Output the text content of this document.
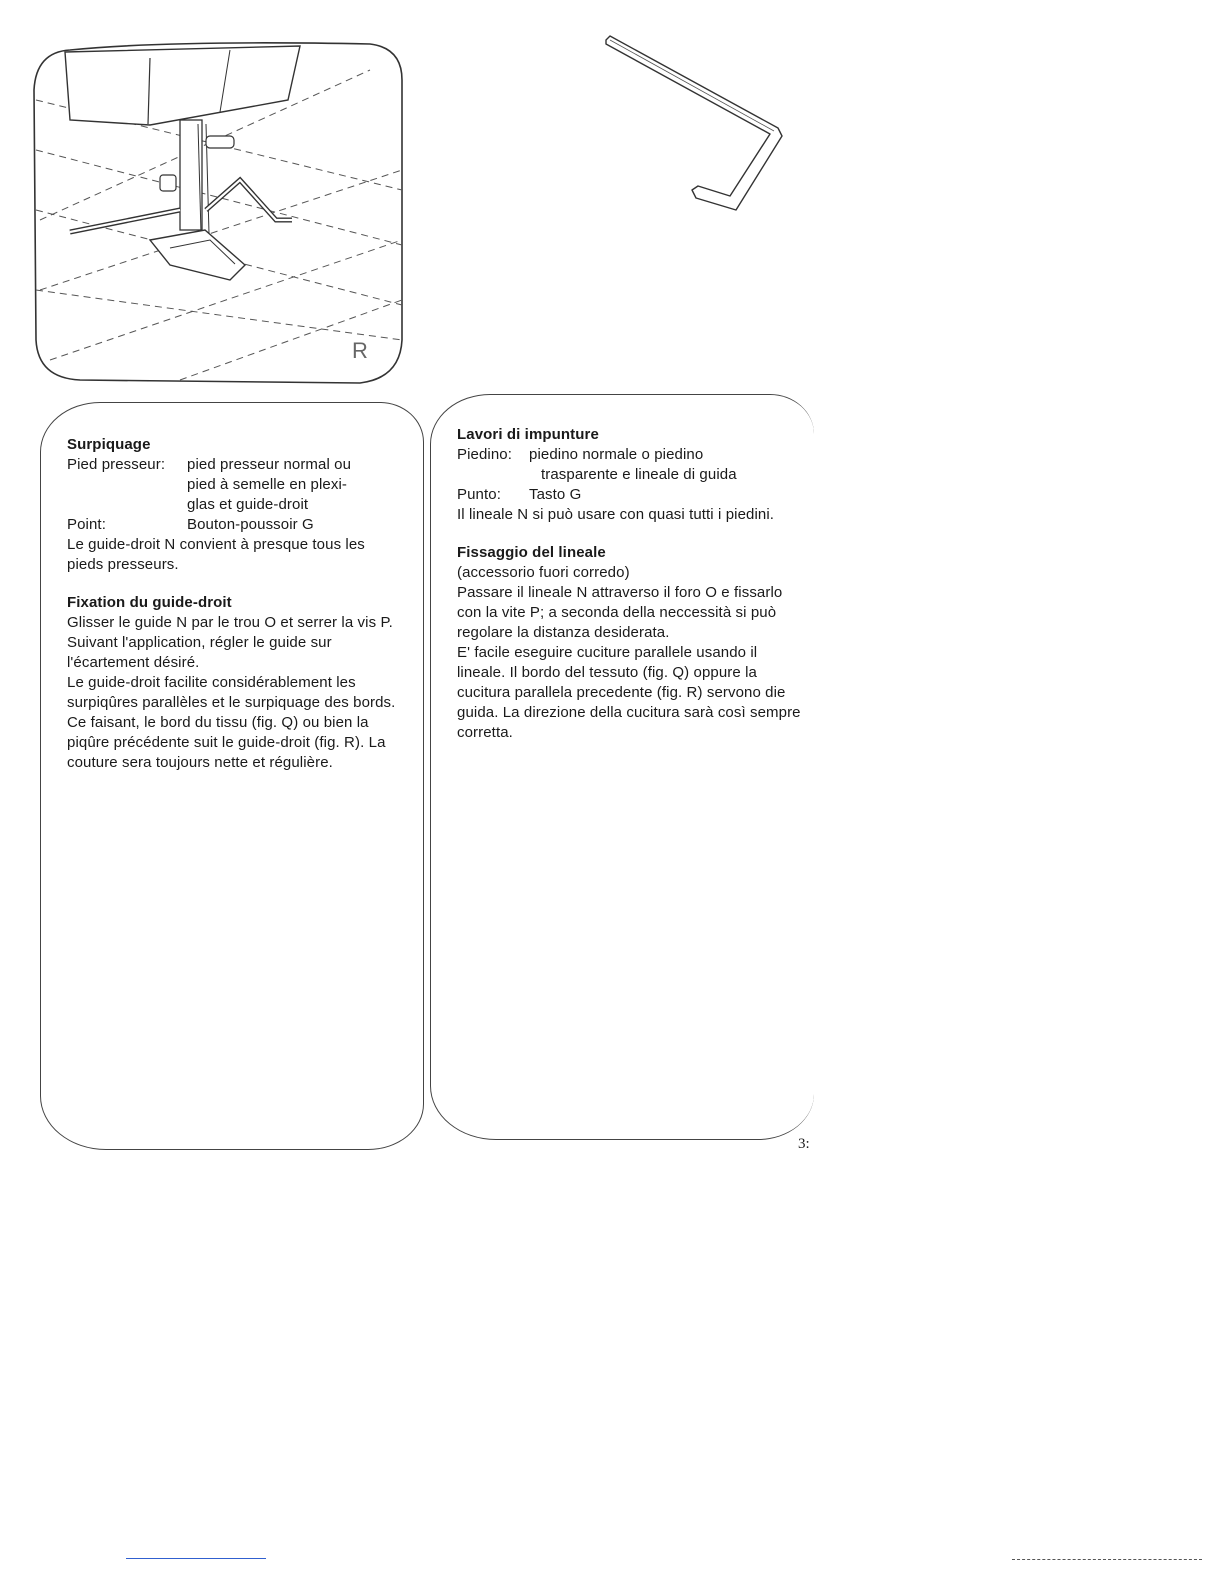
R
Surpiquage
Pied presseur:	pied presseur normal ou
pied à semelle en plexi-
glas et guide-droit
Point:	Bouton-poussoir G

Le guide-droit N convient à presque tous les pieds presseurs.

Fixation du guide-droit

Glisser le guide N par le trou O et serrer la vis P. Suivant l'application, régler le guide sur l'écartement désiré.

Le guide-droit facilite considérablement les surpiqûres parallèles et le surpiquage des bords. Ce faisant, le bord du tissu (fig. Q) ou bien la piqûre précédente suit le guide-droit (fig. R). La couture sera toujours nette et régulière.

Lavori di impunture
Piedino:	piedino normale o piedino
trasparente e lineale di guida
Punto:	Tasto G

Il lineale N si può usare con quasi tutti i piedini.

Fissaggio del lineale

(accessorio fuori corredo)

Passare il lineale N attraverso il foro O e fissarlo con la vite P; a seconda della neccessità si può regolare la distanza desiderata.

E' facile eseguire cuciture parallele usando il lineale. Il bordo del tessuto (fig. Q) oppure la cucitura parallela precedente (fig. R) servono die guida. La direzione della cucitura sarà così sempre corretta.

3:
